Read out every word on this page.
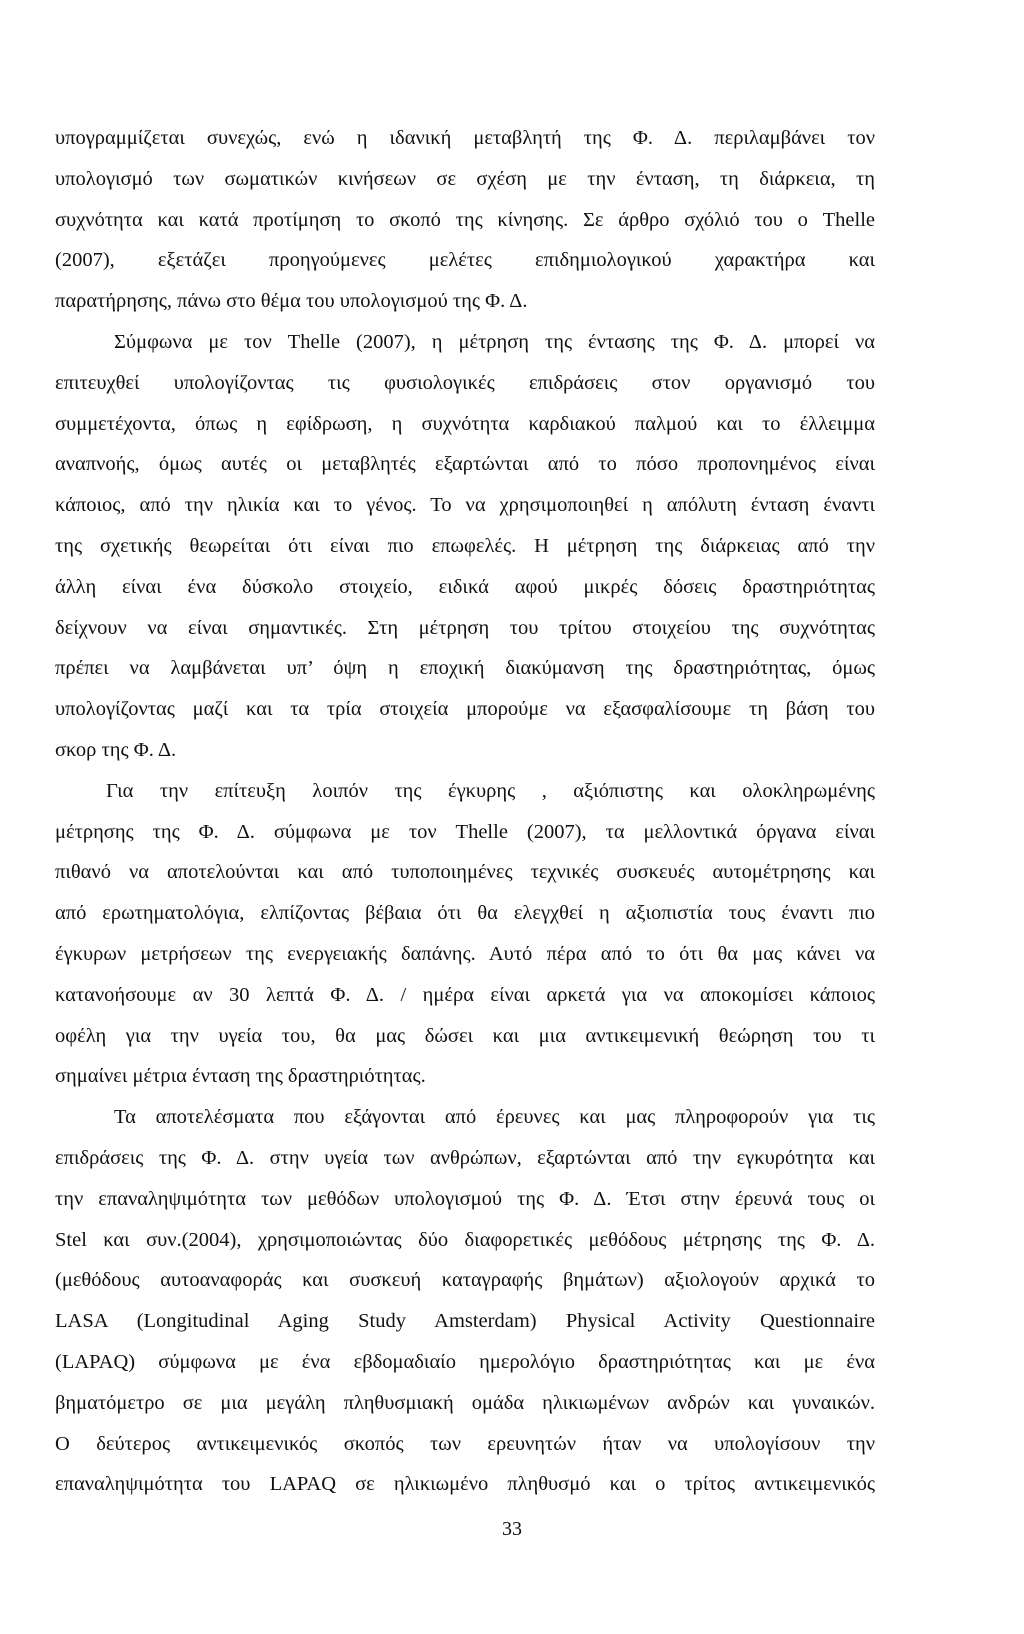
υπογραμμίζεται συνεχώς, ενώ η ιδανική μεταβλητή της Φ. Δ. περιλαμβάνει τον
υπολογισμό των σωματικών κινήσεων σε σχέση με την ένταση, τη διάρκεια, τη
συχνότητα και κατά προτίμηση το σκοπό της κίνησης. Σε άρθρο σχόλιό του ο Thelle
(2007), εξετάζει προηγούμενες μελέτες επιδημιολογικού χαρακτήρα και
παρατήρησης, πάνω στο θέμα του υπολογισμού της Φ. Δ.
Σύμφωνα με τον Thelle (2007), η μέτρηση της έντασης της Φ. Δ. μπορεί να
επιτευχθεί υπολογίζοντας τις φυσιολογικές επιδράσεις στον οργανισμό του
συμμετέχοντα, όπως η εφίδρωση, η συχνότητα καρδιακού παλμού και το έλλειμμα
αναπνοής, όμως αυτές οι μεταβλητές εξαρτώνται από το πόσο προπονημένος είναι
κάποιος, από την ηλικία και το γένος. Το να χρησιμοποιηθεί η απόλυτη ένταση έναντι
της σχετικής θεωρείται ότι είναι πιο επωφελές. Η μέτρηση της διάρκειας από την
άλλη είναι ένα δύσκολο στοιχείο, ειδικά αφού μικρές δόσεις δραστηριότητας
δείχνουν να είναι σημαντικές. Στη μέτρηση του τρίτου στοιχείου της συχνότητας
πρέπει να λαμβάνεται υπ’ όψη η εποχική διακύμανση της δραστηριότητας, όμως
υπολογίζοντας μαζί και τα τρία στοιχεία μπορούμε να εξασφαλίσουμε τη βάση του
σκορ της Φ. Δ.
Για την επίτευξη λοιπόν της έγκυρης , αξιόπιστης και ολοκληρωμένης
μέτρησης της Φ. Δ. σύμφωνα με τον Thelle (2007), τα μελλοντικά όργανα είναι
πιθανό να αποτελούνται και από τυποποιημένες τεχνικές συσκευές αυτομέτρησης και
από ερωτηματολόγια, ελπίζοντας βέβαια ότι θα ελεγχθεί η αξιοπιστία τους έναντι πιο
έγκυρων μετρήσεων της ενεργειακής δαπάνης. Αυτό πέρα από το ότι θα μας κάνει να
κατανοήσουμε αν 30 λεπτά Φ. Δ. / ημέρα είναι αρκετά για να αποκομίσει κάποιος
οφέλη για την υγεία του, θα μας δώσει και μια αντικειμενική θεώρηση του τι
σημαίνει μέτρια ένταση της δραστηριότητας.
Τα αποτελέσματα που εξάγονται από έρευνες και μας πληροφορούν για τις
επιδράσεις της Φ. Δ. στην υγεία των ανθρώπων, εξαρτώνται από την εγκυρότητα και
την επαναληψιμότητα των μεθόδων υπολογισμού της Φ. Δ. Έτσι στην έρευνά τους οι
Stel και συν.(2004), χρησιμοποιώντας δύο διαφορετικές μεθόδους μέτρησης της Φ. Δ.
(μεθόδους αυτοαναφοράς και συσκευή καταγραφής βημάτων) αξιολογούν αρχικά το
LASA (Longitudinal Aging Study Amsterdam) Physical Activity Questionnaire
(LAPAQ) σύμφωνα με ένα εβδομαδιαίο ημερολόγιο δραστηριότητας και με ένα
βηματόμετρο σε μια μεγάλη πληθυσμιακή ομάδα ηλικιωμένων ανδρών και γυναικών.
Ο δεύτερος αντικειμενικός σκοπός των ερευνητών ήταν να υπολογίσουν την
επαναληψιμότητα του LAPAQ σε ηλικιωμένο πληθυσμό και ο τρίτος αντικειμενικός
33
